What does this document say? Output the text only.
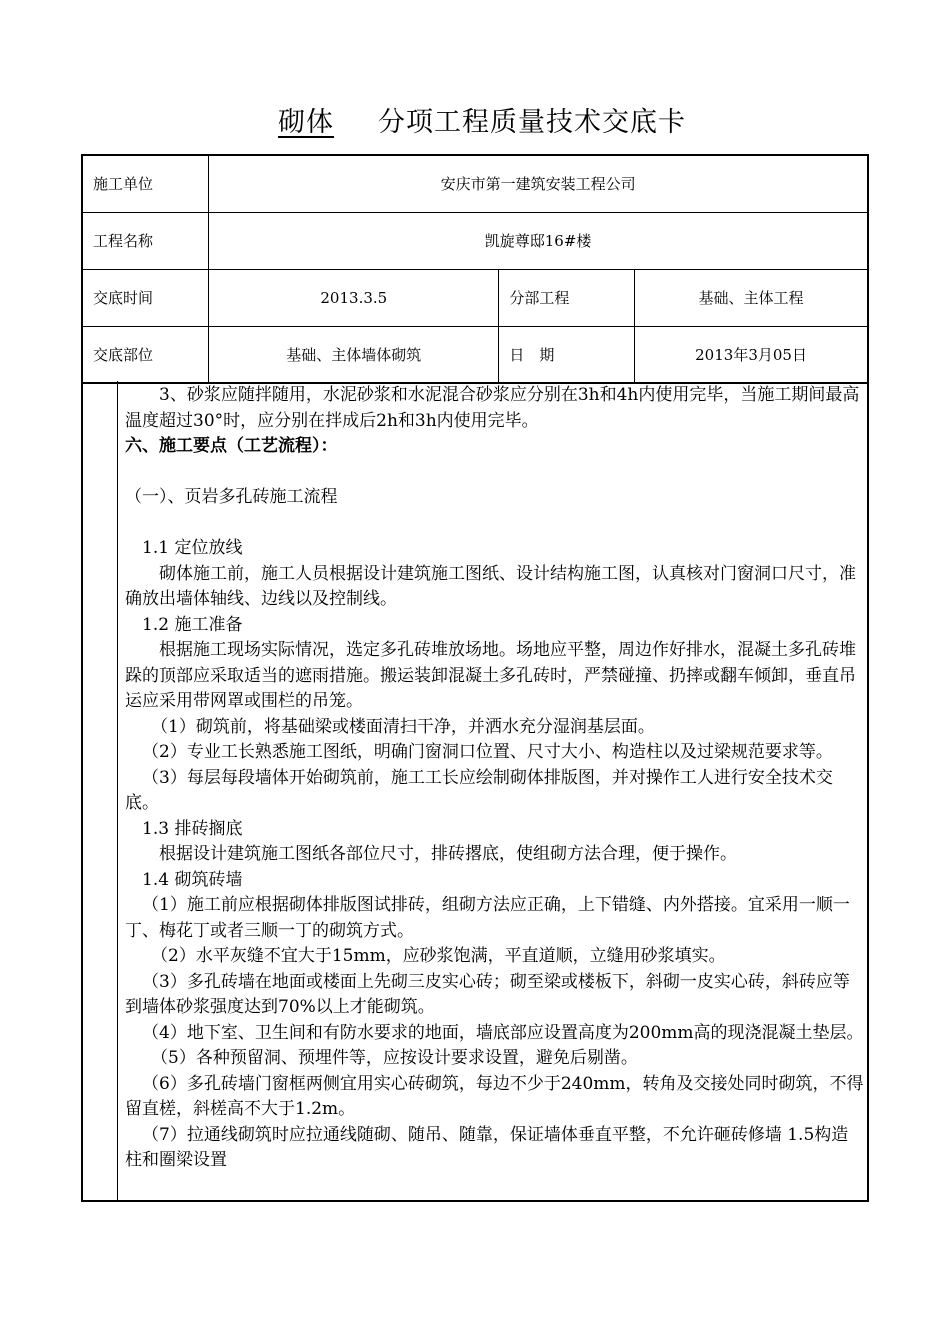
砌体 分项工程质量技术交底卡
施工单位	安庆市第一建筑安装工程公司		
工程名称	凯旋尊邸16#楼		
交底时间	2013.3.5	分部工程	基础、主体工程
交底部位	基础、主体墙体砌筑	日　期	2013年3月05日

3、砂浆应随拌随用，水泥砂浆和水泥混合砂浆应分别在3h和4h内使用完毕，当施工期间最高温度超过30°时，应分别在拌成后2h和3h内使用完毕。

六、施工要点（工艺流程）：

（一）、页岩多孔砖施工流程

1.1 定位放线

砌体施工前，施工人员根据设计建筑施工图纸、设计结构施工图，认真核对门窗洞口尺寸，准确放出墙体轴线、边线以及控制线。

1.2 施工准备

根据施工现场实际情况，选定多孔砖堆放场地。场地应平整，周边作好排水，混凝土多孔砖堆跺的顶部应采取适当的遮雨措施。搬运装卸混凝土多孔砖时，严禁碰撞、扔摔或翻车倾卸，垂直吊运应采用带网罩或围栏的吊笼。

（1）砌筑前，将基础梁或楼面清扫干净，并洒水充分湿润基层面。

（2）专业工长熟悉施工图纸，明确门窗洞口位置、尺寸大小、构造柱以及过梁规范要求等。

（3）每层每段墙体开始砌筑前，施工工长应绘制砌体排版图，并对操作工人进行安全技术交底。

1.3 排砖搁底

根据设计建筑施工图纸各部位尺寸，排砖撂底，使组砌方法合理，便于操作。

1.4 砌筑砖墙

（1）施工前应根据砌体排版图试排砖，组砌方法应正确，上下错缝、内外搭接。宜采用一顺一丁、梅花丁或者三顺一丁的砌筑方式。

（2）水平灰缝不宜大于15mm，应砂浆饱满，平直道顺，立缝用砂浆填实。

（3）多孔砖墙在地面或楼面上先砌三皮实心砖；砌至梁或楼板下，斜砌一皮实心砖，斜砖应等到墙体砂浆强度达到70%以上才能砌筑。

（4）地下室、卫生间和有防水要求的地面，墙底部应设置高度为200mm高的现浇混凝土垫层。

（5）各种预留洞、预埋件等，应按设计要求设置，避免后剔凿。

（6）多孔砖墙门窗框两侧宜用实心砖砌筑，每边不少于240mm，转角及交接处同时砌筑，不得留直槎，斜槎高不大于1.2m。

（7）拉通线砌筑时应拉通线随砌、随吊、随靠，保证墙体垂直平整，不允许砸砖修墙 1.5构造柱和圈梁设置
